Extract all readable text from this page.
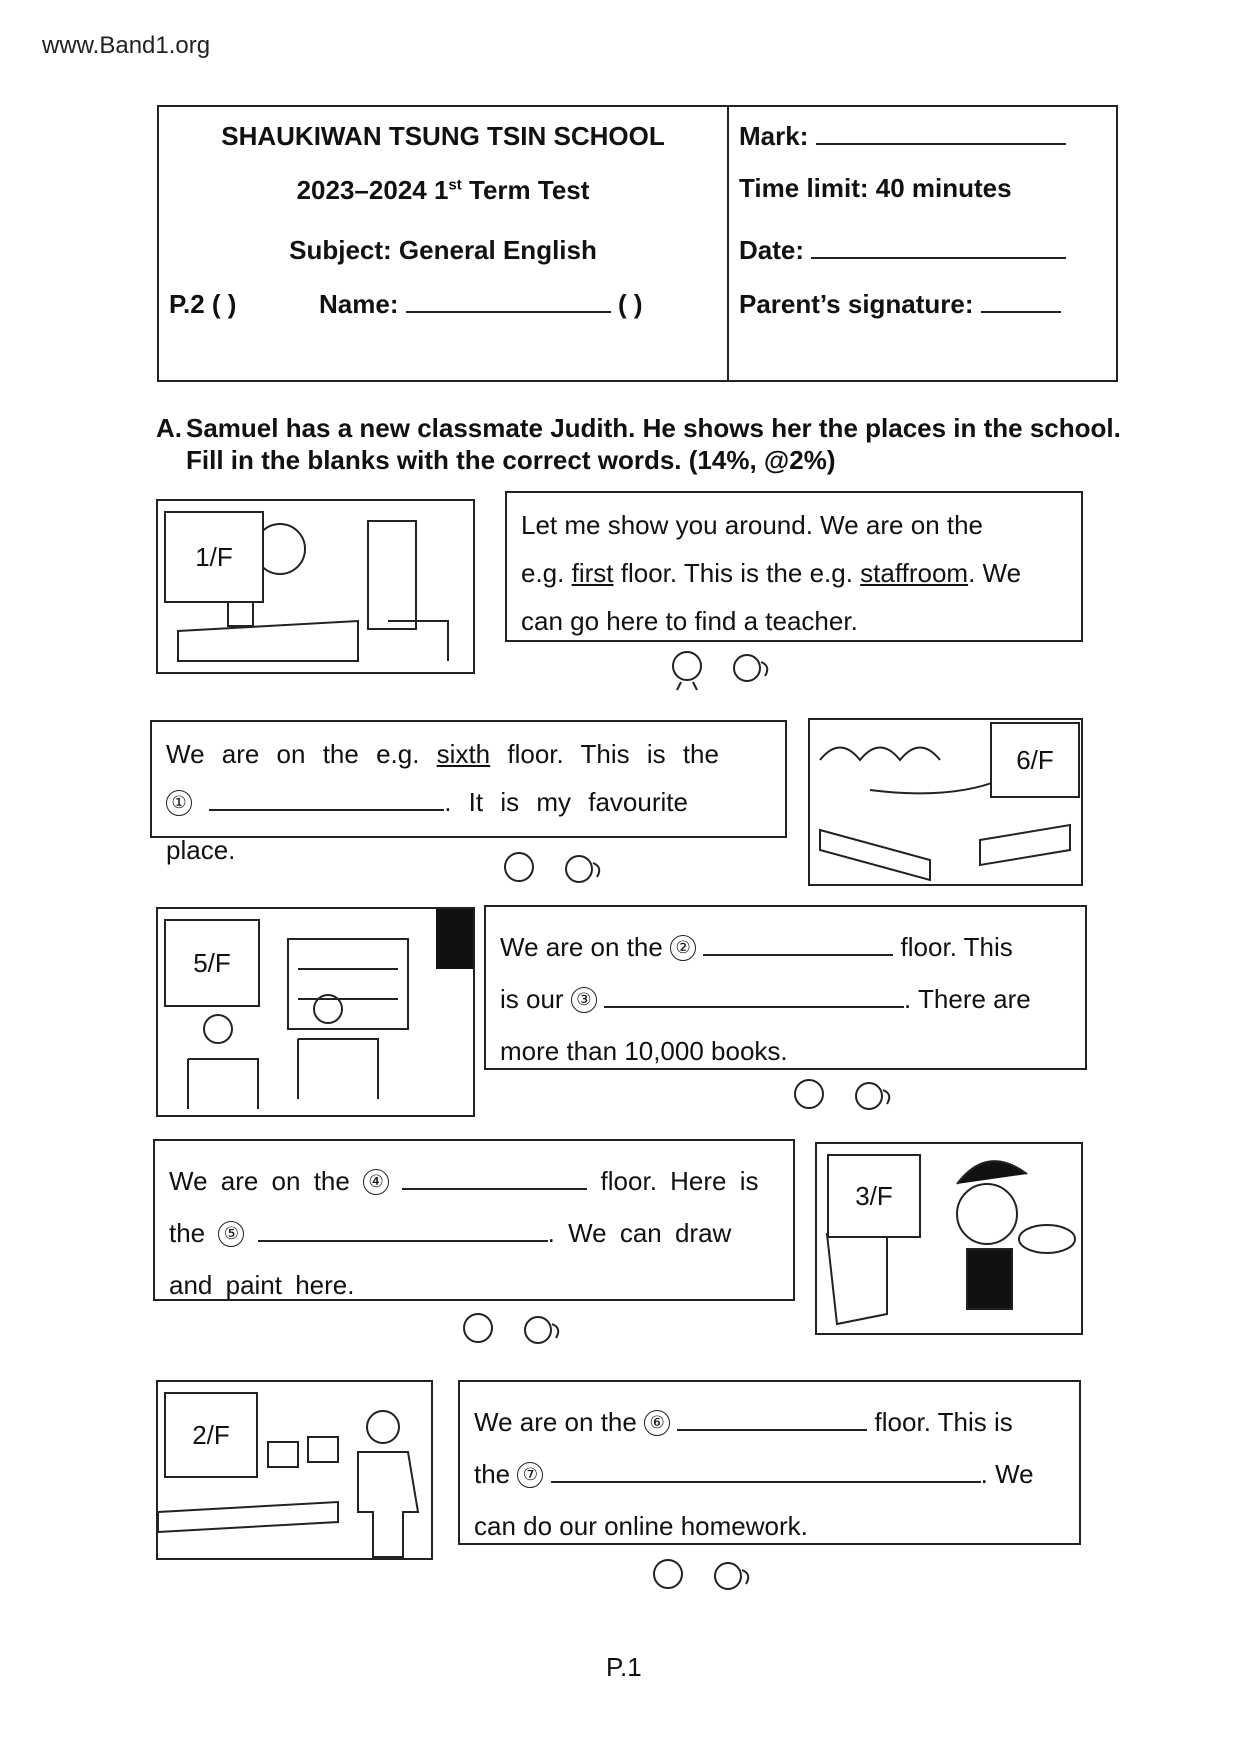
www.Band1.org
SHAUKIWAN TSUNG TSIN SCHOOL
2023–2024 1st Term Test
Subject: General English
P.2 ( )	Name:	( )
Mark:
Time limit: 40 minutes
Date:
Parent’s signature:
A. Samuel has a new classmate Judith. He shows her the places in the school. Fill in the blanks with the correct words. (14%, @2%)
1/F
Let me show you around. We are on the
e.g. first floor. This is the e.g. staffroom. We
can go here to find a teacher.
We are on the e.g. sixth floor. This is the
①	. It is my favourite place.
6/F
5/F
We are on the ②	floor. This
is our ③	. There are
more than 10,000 books.
We are on the ④	floor. Here is
the ⑤	. We can draw
and paint here.
3/F
2/F	We are on the ⑥	floor. This is
the ⑦	. We
can do our online homework.
P.1
